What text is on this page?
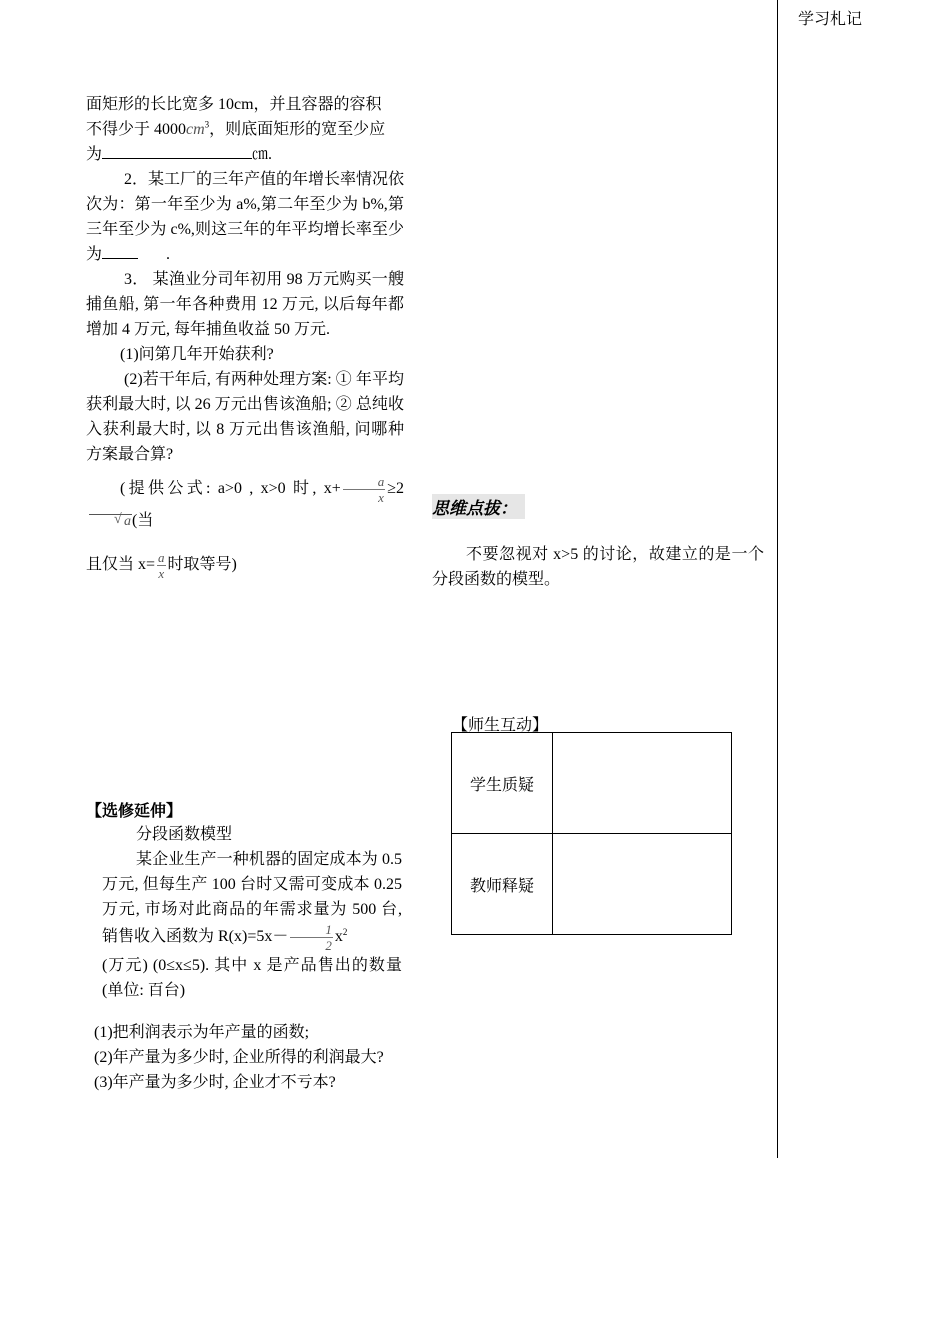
学习札记

面矩形的长比宽多 10cm，并且容器的容积
不得少于 $4000cm^3$，则底面矩形的宽至少应
为	㎝.

2．某工厂的三年产值的年增长率情况依次为：第一年至少为 a%,第二年至少为 b%,第三年至少为 c%,则这三年的年平均增长率至少为	.

3． 某渔业分司年初用 98 万元购买一艘捕鱼船, 第一年各种费用 12 万元, 以后每年都增加 4 万元, 每年捕鱼收益 50 万元.

(1)问第几年开始获利?

(2)若干年后, 有两种处理方案: ① 年平均获利最大时, 以 26 万元出售该渔船; ② 总纯收入获利最大时, 以 8 万元出售该渔船, 问哪种方案最合算?

(提供公式: a>0 , x>0 时, $x+ \frac{a}{x} \ge 2√$ a(当

且仅当 $x= \frac{a}{x}$ 时取等号)

【选修延伸】

分段函数模型

某企业生产一种机器的固定成本为 0.5 万元, 但每生产 100 台时又需可变成本 0.25 万元, 市场对此商品的年需求量为 500 台, 销售收入函数为 $R(x)=5x- \frac{1}{2} x^2$
(万元) (0≤x≤5). 其中 x 是产品售出的数量(单位: 百台)

(1)把利润表示为年产量的函数;
(2)年产量为多少时, 企业所得的利润最大?
(3)年产量为多少时, 企业才不亏本?
思维点拔：
不要忽视对 x>5 的讨论，故建立的是一个分段函数的模型。
【师生互动】
学生质疑	
教师释疑	
